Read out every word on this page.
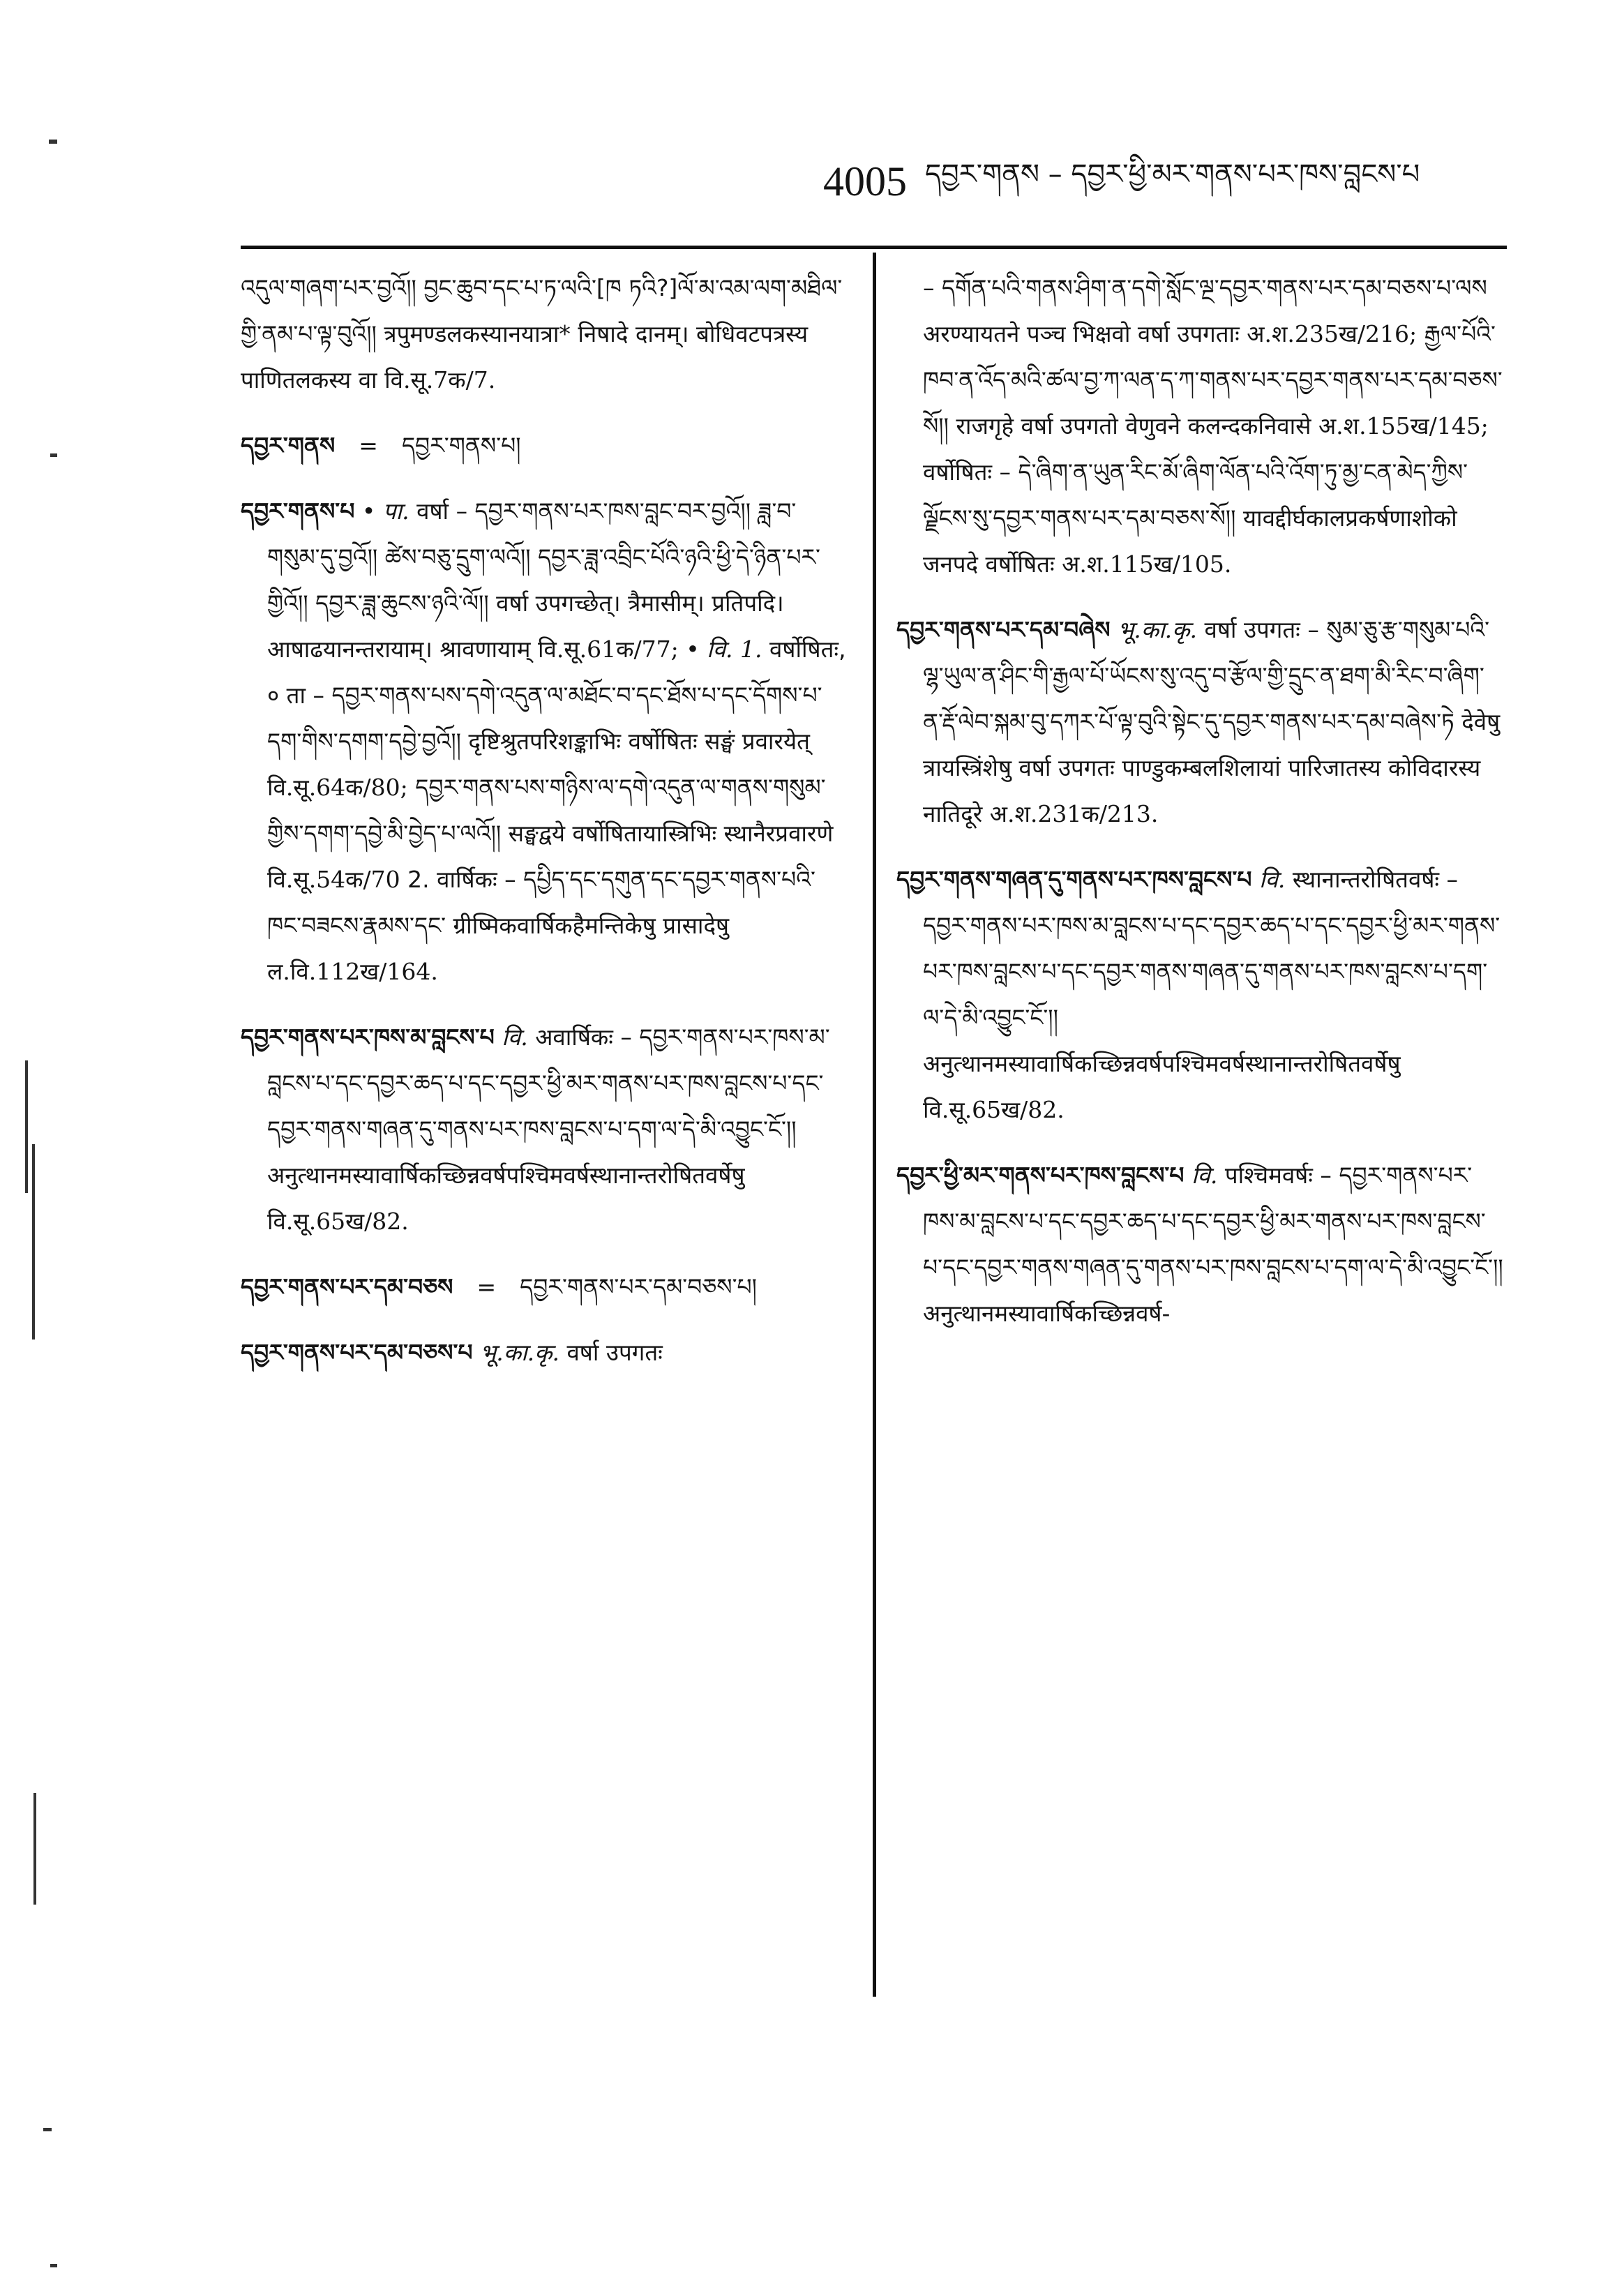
4005 དབྱར་གནས – དབྱར་ཕྱི་མར་གནས་པར་ཁས་བླངས་པ

འདུལ་གཞག་པར་བྱའོ།། བྱང་ཆུབ་དང་པ་ཏ་ལའི་[ཁ ཏའི?]ལོ་མ་འམ་ལག་མཐིལ་གྱི་ནམ་པ་ལྟ་བུའོ།། त्रपुमण्डलकस्यानयात्रा* निषादे दानम्। बोधिवटपत्रस्य पाणितलकस्य वा वि.सू.7क/7.

དབྱར་གནས = དབྱར་གནས་པ།

དབྱར་གནས་པ • पा. वर्षा – དབྱར་གནས་པར་ཁས་བླང་བར་བྱའོ།། ཟླ་བ་གསུམ་དུ་བྱའོ།། ཚེས་བཅུ་དྲུག་ལའོ།། དབྱར་ཟླ་འབྲིང་པོའི་ཉའི་ཕྱི་དེ་ཉིན་པར་གྱིའོ།། དབྱར་ཟླ་ཆུངས་ཉའི་ལོ།། वर्षा उपगच्छेत्। त्रैमासीम्। प्रतिपदि। आषाढयानन्तरायाम्। श्रावणायाम् वि.सू.61क/77; • वि. 1. वर्षोषितः, ० ता – དབྱར་གནས་པས་དགེ་འདུན་ལ་མཐོང་བ་དང་ཐོས་པ་དང་དོགས་པ་དག་གིས་དགག་དབྱེ་བྱའོ།། दृष्टिश्रुतपरिशङ्काभिः वर्षोषितः सङ्घं प्रवारयेत् वि.सू.64क/80; དབྱར་གནས་པས་གཉིས་ལ་དགེ་འདུན་ལ་གནས་གསུམ་གྱིས་དགག་དབྱེ་མི་བྱེད་པ་ལའོ།། सङ्घद्वये वर्षोषितायास्त्रिभिः स्थानैरप्रवारणे वि.सू.54क/70 2. वार्षिकः – དཔྱིད་དང་དགུན་དང་དབྱར་གནས་པའི་ཁང་བཟངས་རྣམས་དང་ ग्रीष्मिकवार्षिकहैमन्तिकेषु प्रासादेषु ल.वि.112ख/164.

དབྱར་གནས་པར་ཁས་མ་བླངས་པ वि. अवार्षिकः – དབྱར་གནས་པར་ཁས་མ་བླངས་པ་དང་དབྱར་ཆད་པ་དང་དབྱར་ཕྱི་མར་གནས་པར་ཁས་བླངས་པ་དང་དབྱར་གནས་གཞན་དུ་གནས་པར་ཁས་བླངས་པ་དག་ལ་དེ་མི་འབྱུང་ངོ་།། अनुत्थानमस्यावार्षिकच्छिन्नवर्षपश्चिमवर्षस्थानान्तरोषितवर्षेषु वि.सू.65ख/82.

དབྱར་གནས་པར་དམ་བཅས = དབྱར་གནས་པར་དམ་བཅས་པ།

དབྱར་གནས་པར་དམ་བཅས་པ भू.का.कृ. वर्षा उपगतः

– དགོན་པའི་གནས་ཤིག་ན་དགེ་སློང་ལྔ་དབྱར་གནས་པར་དམ་བཅས་པ་ལས अरण्यायतने पञ्च भिक्षवो वर्षा उपगताः अ.श.235ख/216; རྒྱལ་པོའི་ཁབ་ན་འོད་མའི་ཚལ་བྱ་ཀ་ལན་ད་ཀ་གནས་པར་དབྱར་གནས་པར་དམ་བཅས་སོ།། राजगृहे वर्षा उपगतो वेणुवने कलन्दकनिवासे अ.श.155ख/145; वर्षोषितः – དེ་ཞིག་ན་ཡུན་རིང་མོ་ཞིག་ལོན་པའི་འོག་ཏུ་མྱ་ངན་མེད་ཀྱིས་ལྗོངས་སུ་དབྱར་གནས་པར་དམ་བཅས་སོ།། यावद्दीर्घकालप्रकर्षणाशोको जनपदे वर्षोषितः अ.श.115ख/105.

དབྱར་གནས་པར་དམ་བཞེས भू.का.कृ. वर्षा उपगतः – སུམ་ཅུ་རྩ་གསུམ་པའི་ལྷ་ཡུལ་ན་ཤིང་གི་རྒྱལ་པོ་ཡོངས་སུ་འདུ་བ་རྩོལ་གྱི་དྲུང་ན་ཐག་མི་རིང་བ་ཞིག་ན་རྡོ་ལེབ་སྐམ་བུ་དཀར་པོ་ལྟ་བུའི་སྟེང་དུ་དབྱར་གནས་པར་དམ་བཞེས་ཏེ देवेषु त्रायस्त्रिंशेषु वर्षा उपगतः पाण्डुकम्बलशिलायां पारिजातस्य कोविदारस्य नातिदूरे अ.श.231क/213.

དབྱར་གནས་གཞན་དུ་གནས་པར་ཁས་བླངས་པ वि. स्थानान्तरोषितवर्षः – དབྱར་གནས་པར་ཁས་མ་བླངས་པ་དང་དབྱར་ཆད་པ་དང་དབྱར་ཕྱི་མར་གནས་པར་ཁས་བླངས་པ་དང་དབྱར་གནས་གཞན་དུ་གནས་པར་ཁས་བླངས་པ་དག་ལ་དེ་མི་འབྱུང་ངོ་།། अनुत्थानमस्यावार्षिकच्छिन्नवर्षपश्चिमवर्षस्थानान्तरोषितवर्षेषु वि.सू.65ख/82.

དབྱར་ཕྱི་མར་གནས་པར་ཁས་བླངས་པ वि. पश्चिमवर्षः – དབྱར་གནས་པར་ཁས་མ་བླངས་པ་དང་དབྱར་ཆད་པ་དང་དབྱར་ཕྱི་མར་གནས་པར་ཁས་བླངས་པ་དང་དབྱར་གནས་གཞན་དུ་གནས་པར་ཁས་བླངས་པ་དག་ལ་དེ་མི་འབྱུང་ངོ་།། अनुत्थानमस्यावार्षिकच्छिन्नवर्ष-
